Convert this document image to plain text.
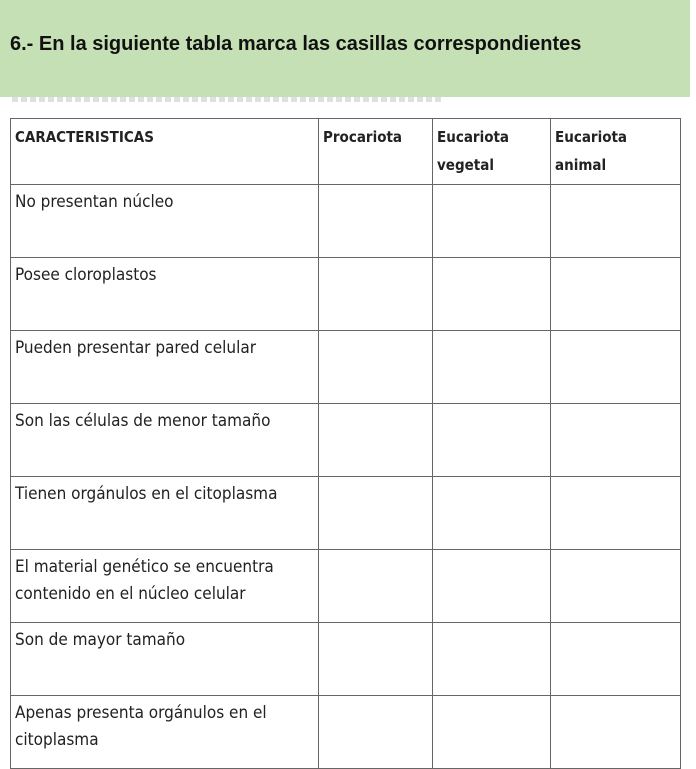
6.- En la siguiente tabla marca las casillas correspondientes
CARACTERISTICAS	Procariota	Eucariota vegetal	Eucariota animal
No presentan núcleo			
Posee cloroplastos			
Pueden presentar pared celular			
Son las células de menor tamaño			
Tienen orgánulos en el citoplasma			
El material genético se encuentra contenido en el núcleo celular			
Son de mayor tamaño			
Apenas presenta orgánulos en el citoplasma			
